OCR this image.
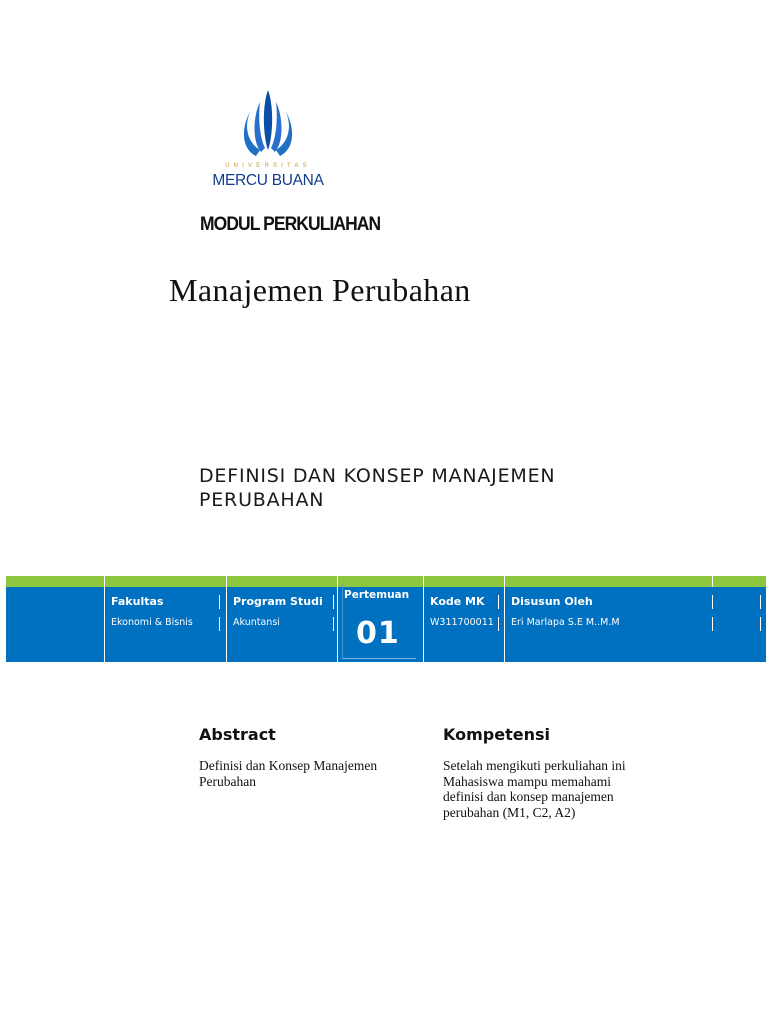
UNIVERSITAS
MERCU BUANA
MODUL PERKULIAHAN
Manajemen Perubahan
DEFINISI DAN KONSEP MANAJEMEN PERUBAHAN
Fakultas
Ekonomi & Bisnis
Program Studi
Akuntansi
Pertemuan
01
Kode MK
W311700011
Disusun Oleh
Eri Marlapa S.E M..M.M
Abstract
Definisi dan Konsep Manajemen
Perubahan
Kompetensi
Setelah mengikuti perkuliahan ini
Mahasiswa mampu memahami
definisi dan konsep manajemen
perubahan (M1, C2, A2)
